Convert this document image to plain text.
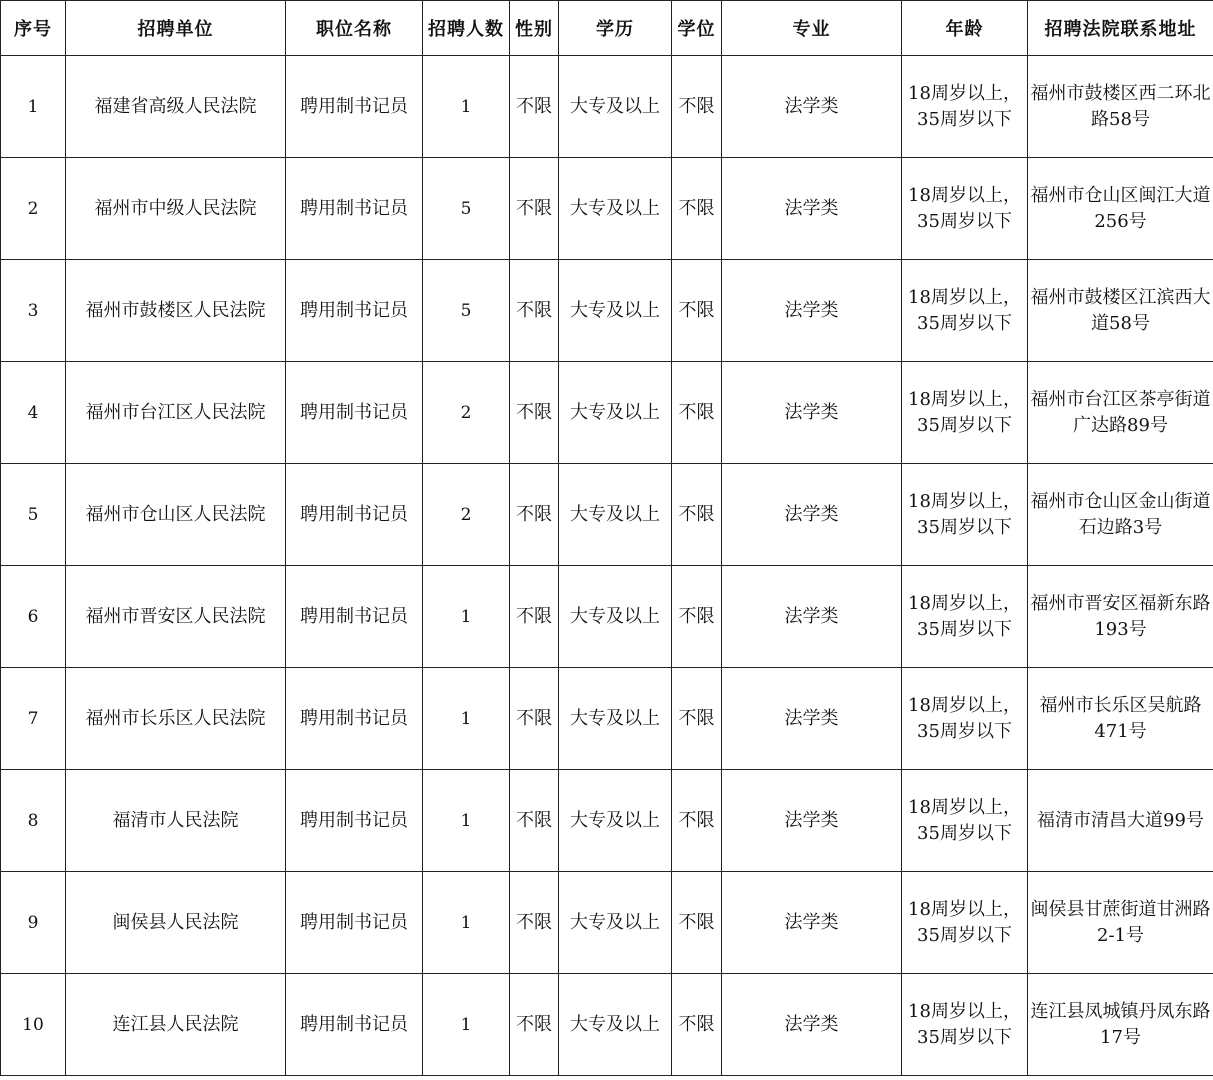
序号	招聘单位	职位名称	招聘人数	性别	学历	学位	专业	年龄	招聘法院联系地址
1	福建省高级人民法院	聘用制书记员	1	不限	大专及以上	不限	法学类	18周岁以上，
35周岁以下	福州市鼓楼区西二环北路58号
2	福州市中级人民法院	聘用制书记员	5	不限	大专及以上	不限	法学类	18周岁以上，
35周岁以下	福州市仓山区闽江大道256号
3	福州市鼓楼区人民法院	聘用制书记员	5	不限	大专及以上	不限	法学类	18周岁以上，
35周岁以下	福州市鼓楼区江滨西大道58号
4	福州市台江区人民法院	聘用制书记员	2	不限	大专及以上	不限	法学类	18周岁以上，
35周岁以下	福州市台江区茶亭街道广达路89号
5	福州市仓山区人民法院	聘用制书记员	2	不限	大专及以上	不限	法学类	18周岁以上，
35周岁以下	福州市仓山区金山街道石边路3号
6	福州市晋安区人民法院	聘用制书记员	1	不限	大专及以上	不限	法学类	18周岁以上，
35周岁以下	福州市晋安区福新东路193号
7	福州市长乐区人民法院	聘用制书记员	1	不限	大专及以上	不限	法学类	18周岁以上，
35周岁以下	福州市长乐区吴航路471号
8	福清市人民法院	聘用制书记员	1	不限	大专及以上	不限	法学类	18周岁以上，
35周岁以下	福清市清昌大道99号
9	闽侯县人民法院	聘用制书记员	1	不限	大专及以上	不限	法学类	18周岁以上，
35周岁以下	闽侯县甘蔗街道甘洲路2-1号
10	连江县人民法院	聘用制书记员	1	不限	大专及以上	不限	法学类	18周岁以上，
35周岁以下	连江县凤城镇丹凤东路17号
